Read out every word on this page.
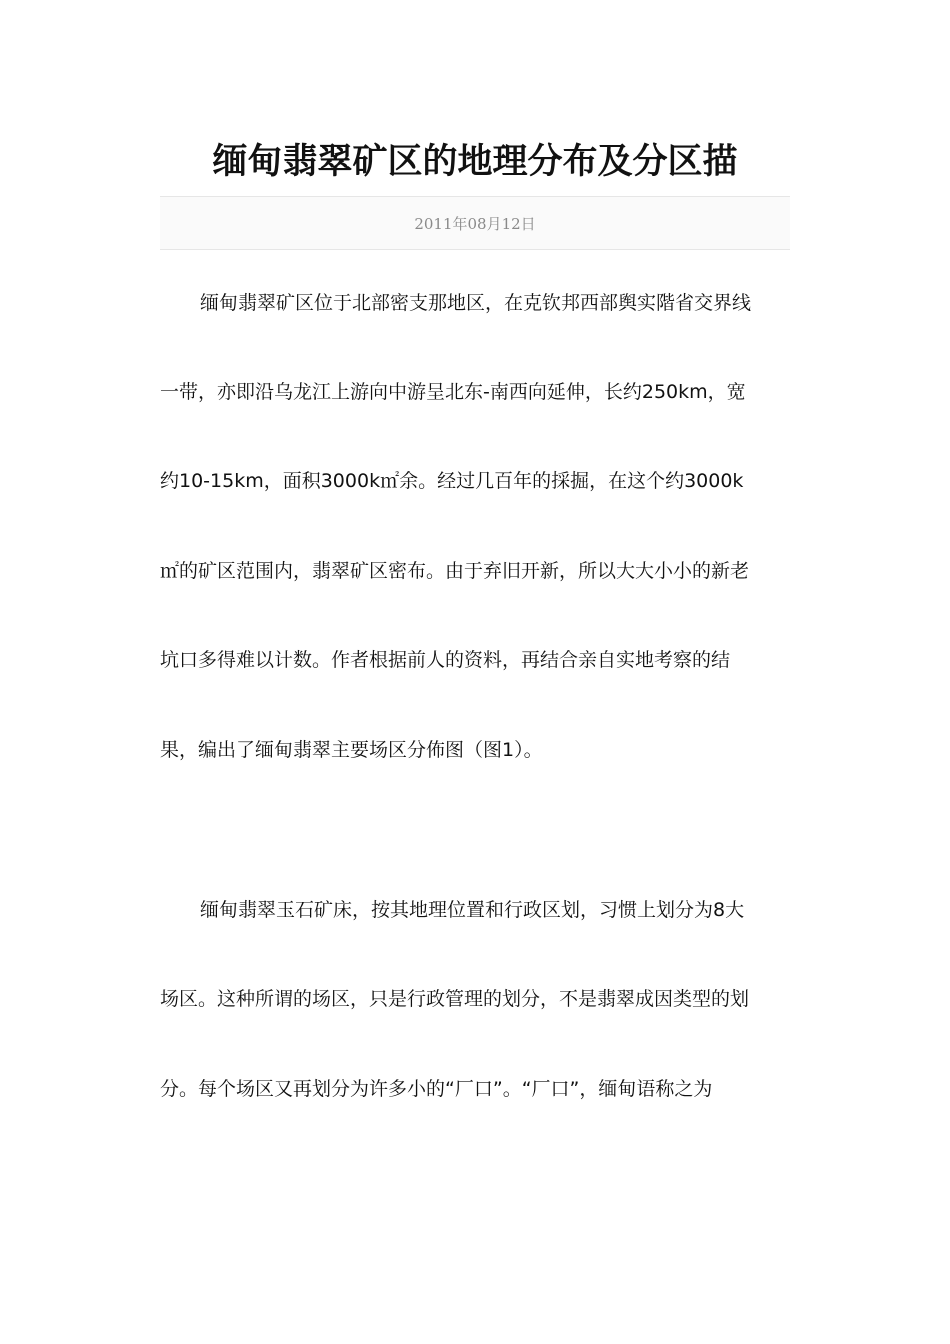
缅甸翡翠矿区的地理分布及分区描
2011年08月12日

缅甸翡翠矿区位于北部密支那地区，在克钦邦西部舆实階省交界线

一带，亦即沿乌龙江上游向中游呈北东-南西向延伸，长约250km，宽

约10-15km，面积3000k㎡余。经过几百年的採掘，在这个约3000k

㎡的矿区范围内，翡翠矿区密布。由于弃旧开新，所以大大小小的新老

坑口多得难以计数。作者根据前人的资料，再结合亲自实地考察的结

果，编出了缅甸翡翠主要场区分佈图（图1）。

缅甸翡翠玉石矿床，按其地理位置和行政区划，习惯上划分为8大

场区。这种所谓的场区，只是行政管理的划分，不是翡翠成因类型的划

分。每个场区又再划分为许多小的“厂口”。“厂口”，缅甸语称之为
